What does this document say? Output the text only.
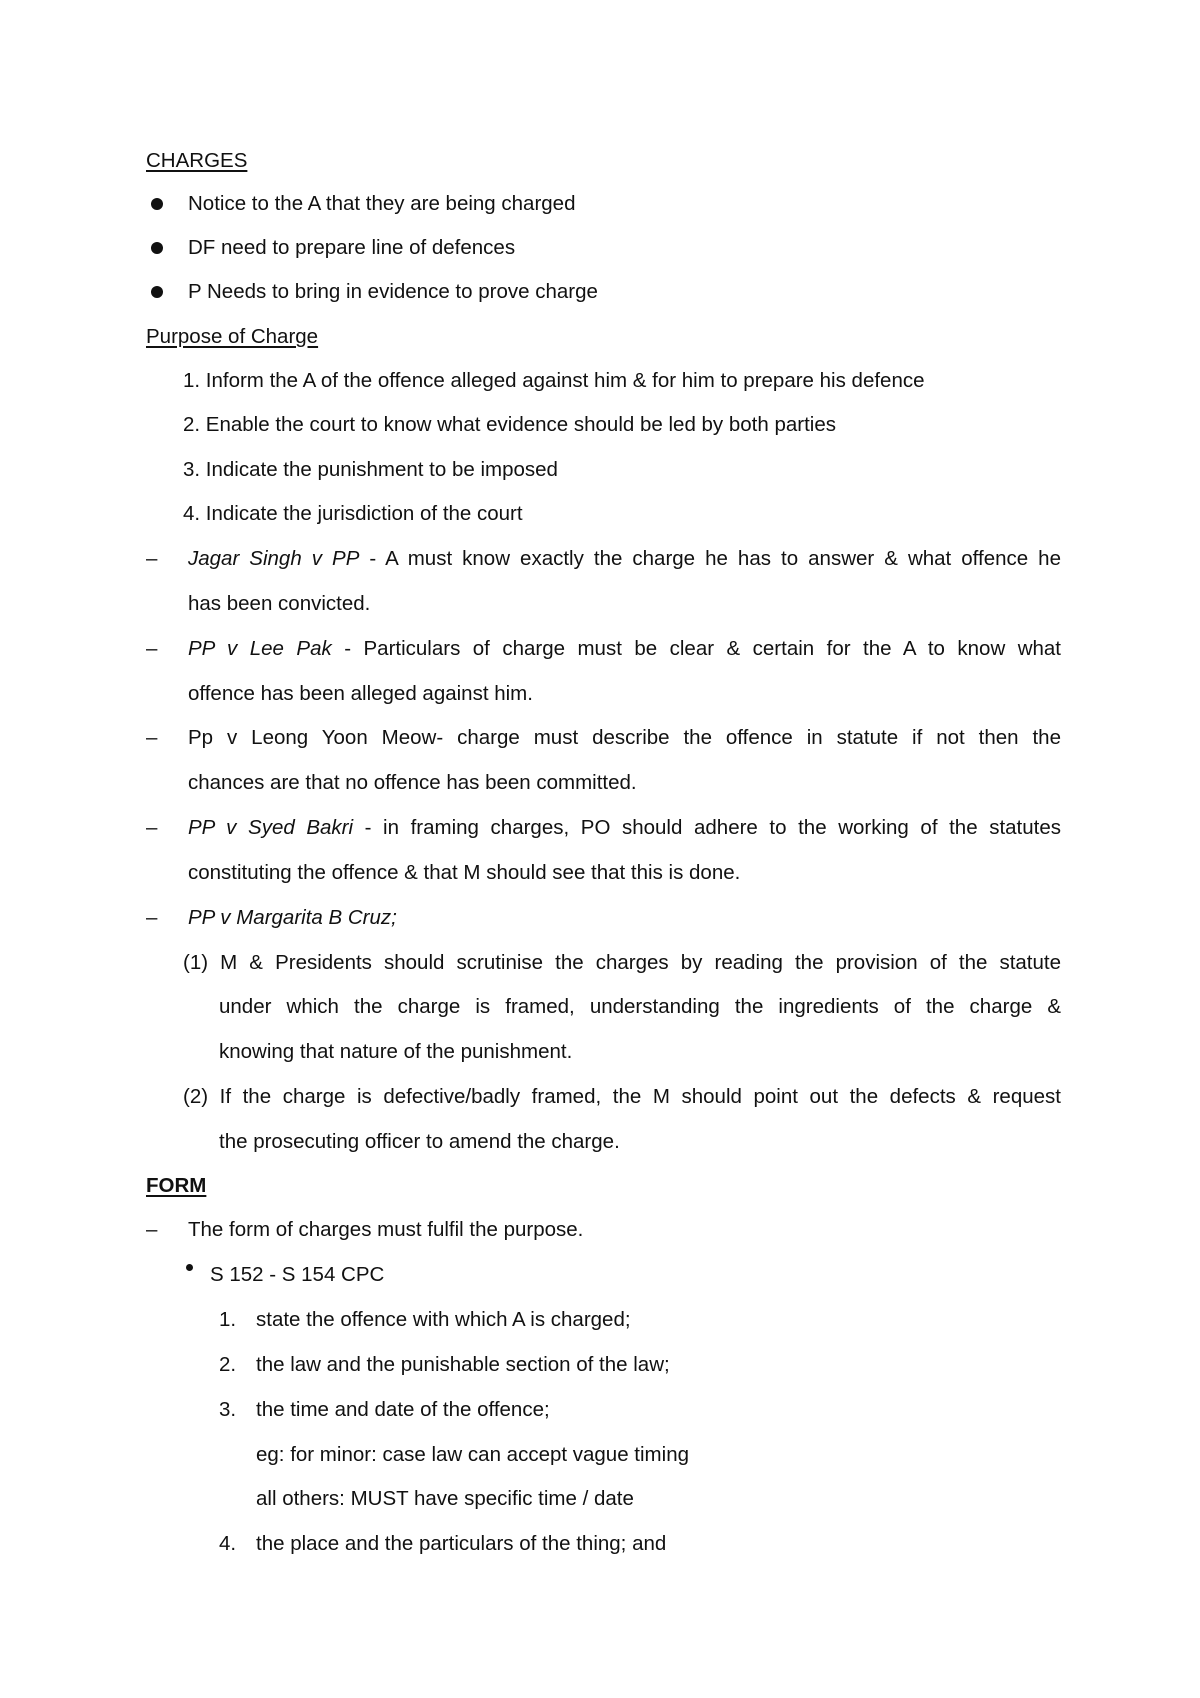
CHARGES
Notice to the A that they are being charged
DF need to prepare line of defences
P Needs to bring in evidence to prove charge
Purpose of Charge
1. Inform the A of the offence alleged against him & for him to prepare his defence
2. Enable the court to know what evidence should be led by both parties
3. Indicate the punishment to be imposed
4. Indicate the jurisdiction of the court
– Jagar Singh v PP - A must know exactly the charge he has to answer & what offence he
has been convicted.
– PP v Lee Pak - Particulars of charge must be clear & certain for the A to know what
offence has been alleged against him.
– Pp v Leong Yoon Meow- charge must describe the offence in statute if not then the
chances are that no offence has been committed.
– PP v Syed Bakri - in framing charges, PO should adhere to the working of the statutes
constituting the offence & that M should see that this is done.
– PP v Margarita B Cruz;
(1) M & Presidents should scrutinise the charges by reading the provision of the statute
under which the charge is framed, understanding the ingredients of the charge &
knowing that nature of the punishment.
(2) If the charge is defective/badly framed, the M should point out the defects & request
the prosecuting officer to amend the charge.
FORM
– The form of charges must fulfil the purpose.
S 152 - S 154 CPC
1. state the offence with which A is charged;
2. the law and the punishable section of the law;
3. the time and date of the offence;
eg: for minor: case law can accept vague timing
all others: MUST have specific time / date
4. the place and the particulars of the thing; and
